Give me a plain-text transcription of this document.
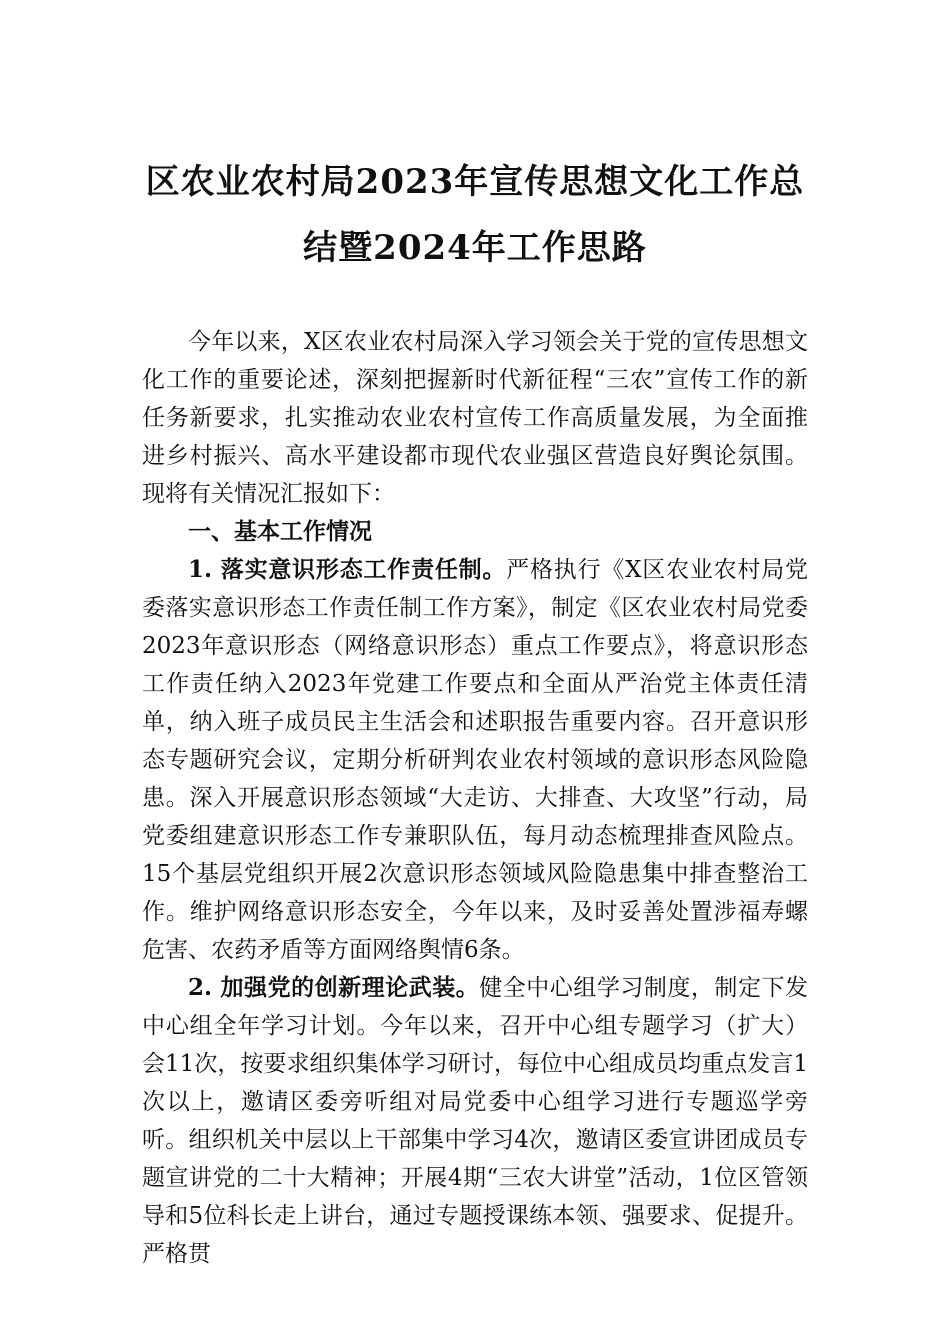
区农业农村局2023年宣传思想文化工作总
结暨2024年工作思路

今年以来，X区农业农村局深入学习领会关于党的宣传思想文化工作的重要论述，深刻把握新时代新征程“三农”宣传工作的新任务新要求，扎实推动农业农村宣传工作高质量发展，为全面推进乡村振兴、高水平建设都市现代农业强区营造良好舆论氛围。现将有关情况汇报如下：

一、基本工作情况

1. 落实意识形态工作责任制。严格执行《X区农业农村局党委落实意识形态工作责任制工作方案》，制定《区农业农村局党委2023年意识形态（网络意识形态）重点工作要点》，将意识形态工作责任纳入2023年党建工作要点和全面从严治党主体责任清单，纳入班子成员民主生活会和述职报告重要内容。召开意识形态专题研究会议，定期分析研判农业农村领域的意识形态风险隐患。深入开展意识形态领域“大走访、大排查、大攻坚”行动，局党委组建意识形态工作专兼职队伍，每月动态梳理排查风险点。15个基层党组织开展2次意识形态领域风险隐患集中排查整治工作。维护网络意识形态安全，今年以来，及时妥善处置涉福寿螺危害、农药矛盾等方面网络舆情6条。

2. 加强党的创新理论武装。健全中心组学习制度，制定下发中心组全年学习计划。今年以来，召开中心组专题学习（扩大）会11次，按要求组织集体学习研讨，每位中心组成员均重点发言1次以上，邀请区委旁听组对局党委中心组学习进行专题巡学旁听。组织机关中层以上干部集中学习4次，邀请区委宣讲团成员专题宣讲党的二十大精神；开展4期“三农大讲堂”活动，1位区管领导和5位科长走上讲台，通过专题授课练本领、强要求、促提升。严格贯
